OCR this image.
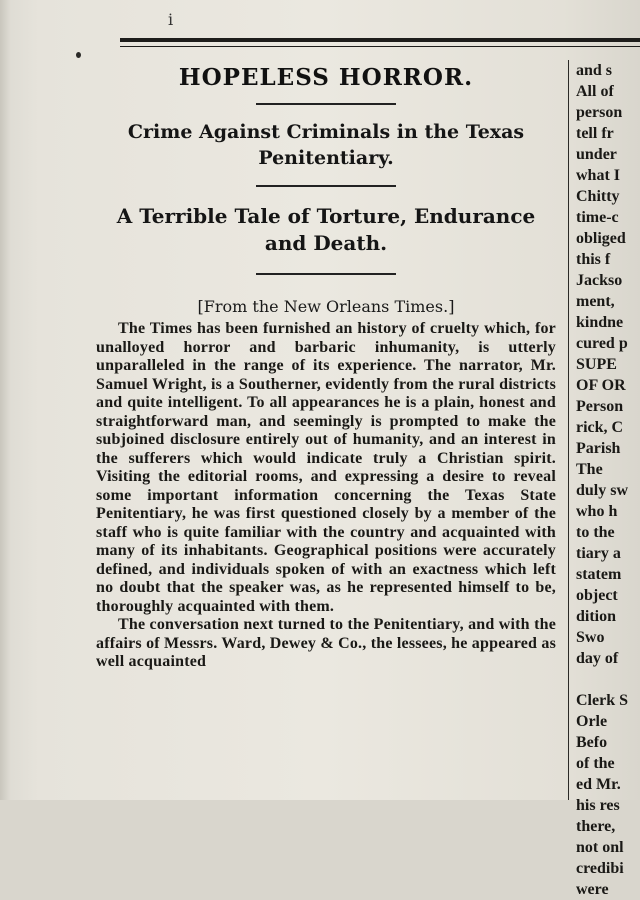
i
HOPELESS HORROR.

Crime Against Criminals in the Texas Penitentiary.

A Terrible Tale of Torture, Endurance and Death.

[From the New Orleans Times.]

The Times has been furnished an history of cruelty which, for unalloyed horror and barbaric inhumanity, is utterly unparalleled in the range of its experience. The narrator, Mr. Samuel Wright, is a Southerner, evidently from the rural districts and quite intelligent. To all appearances he is a plain, honest and straightforward man, and seemingly is prompted to make the subjoined disclosure entirely out of humanity, and an interest in the sufferers which would indicate truly a Christian spirit. Visiting the editorial rooms, and expressing a desire to reveal some important information concerning the Texas State Penitentiary, he was first questioned closely by a member of the staff who is quite familiar with the country and acquainted with many of its inhabitants. Geographical positions were accurately defined, and individuals spoken of with an exactness which left no doubt that the speaker was, as he represented himself to be, thoroughly acquainted with them.

The conversation next turned to the Penitentiary, and with the affairs of Messrs. Ward, Dewey & Co., the lessees, he appeared as well acquainted

and s
All of
person
tell fr
under
what I
Chitty
time-c
obliged
this f
Jackso
ment,
kindne
cured p
SUPE
OF OR
Person
rick, C
Parish
The
duly sw
who h
to the
tiary a
statem
object
dition
Swo
day of
Clerk S
Orle
Befo
of the
ed Mr.
his res
there,
not onl
credibi
were
